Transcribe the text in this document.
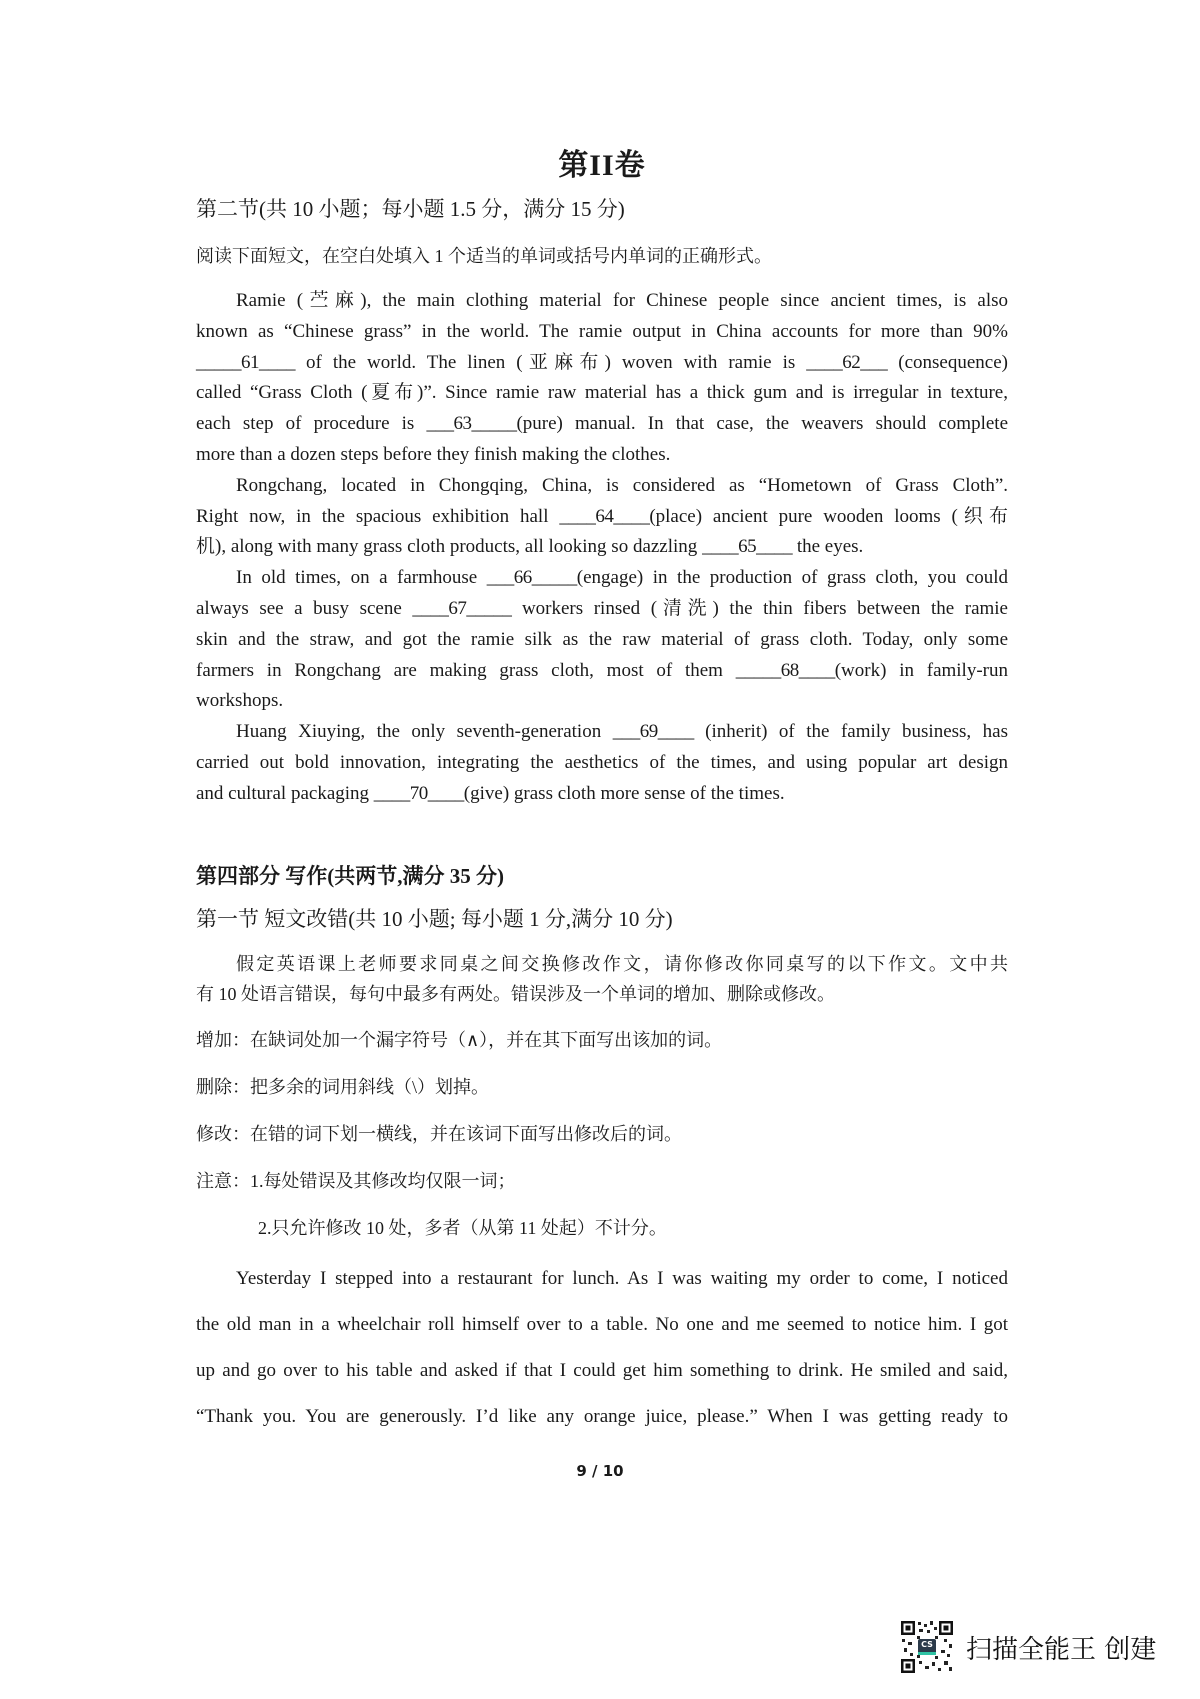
第II卷
第二节(共 10 小题；每小题 1.5 分，满分 15 分)
阅读下面短文，在空白处填入 1 个适当的单词或括号内单词的正确形式。
Ramie (苎麻), the main clothing material for Chinese people since ancient times, is also
known as “Chinese grass” in the world. The ramie output in China accounts for more than 90%
_____61____ of the world. The linen (亚麻布) woven with ramie is ____62___ (consequence)
called “Grass Cloth (夏布)”. Since ramie raw material has a thick gum and is irregular in texture,
each step of procedure is ___63_____(pure) manual. In that case, the weavers should complete
more than a dozen steps before they finish making the clothes.
Rongchang, located in Chongqing, China, is considered as “Hometown of Grass Cloth”.
Right now, in the spacious exhibition hall ____64____(place) ancient pure wooden looms (织布
机), along with many grass cloth products, all looking so dazzling ____65____ the eyes.
In old times, on a farmhouse ___66_____(engage) in the production of grass cloth, you could
always see a busy scene ____67_____ workers rinsed (清洗) the thin fibers between the ramie
skin and the straw, and got the ramie silk as the raw material of grass cloth. Today, only some
farmers in Rongchang are making grass cloth, most of them _____68____(work) in family-run
workshops.
Huang Xiuying, the only seventh-generation ___69____ (inherit) of the family business, has
carried out bold innovation, integrating the aesthetics of the times, and using popular art design
and cultural packaging ____70____(give) grass cloth more sense of the times.
第四部分 写作(共两节,满分 35 分)
第一节 短文改错(共 10 小题; 每小题 1 分,满分 10 分)
假定英语课上老师要求同桌之间交换修改作文，请你修改你同桌写的以下作文。文中共
有 10 处语言错误，每句中最多有两处。错误涉及一个单词的增加、删除或修改。
增加：在缺词处加一个漏字符号（∧），并在其下面写出该加的词。
删除：把多余的词用斜线（\）划掉。
修改：在错的词下划一横线，并在该词下面写出修改后的词。
注意：1.每处错误及其修改均仅限一词；
2.只允许修改 10 处，多者（从第 11 处起）不计分。
Yesterday I stepped into a restaurant for lunch. As I was waiting my order to come, I noticed
the old man in a wheelchair roll himself over to a table. No one and me seemed to notice him. I got
up and go over to his table and asked if that I could get him something to drink. He smiled and said,
“Thank you. You are generously. I’d like any orange juice, please.” When I was getting ready to
9 / 10
CS 扫描全能王 创建
